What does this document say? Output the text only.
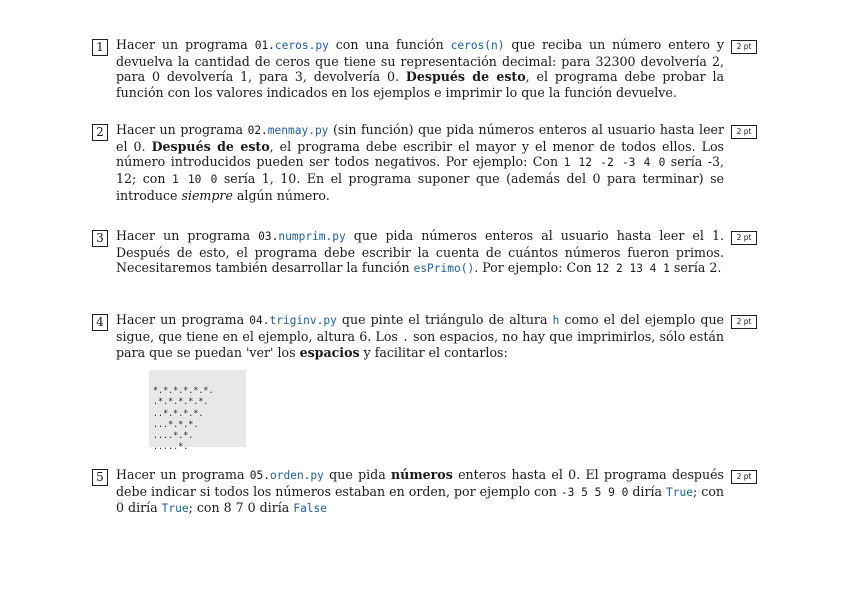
1 Hacer un programa 01.ceros.py con una función ceros(n) que reciba un número entero y devuelva la cantidad de ceros que tiene su representación decimal: para 32300 devolvería 2, para 0 devolvería 1, para 3, devolvería 0. Después de esto, el programa debe probar la función con los valores indicados en los ejemplos e imprimir lo que la función devuelve.
2 pt
2 Hacer un programa 02.menmay.py (sin función) que pida números enteros al usuario hasta leer el 0. Después de esto, el programa debe escribir el mayor y el menor de todos ellos. Los número introducidos pueden ser todos negativos. Por ejemplo: Con 1 12 -2 -3 4 0 sería -3, 12; con 1 10 0 sería 1, 10. En el programa suponer que (además del 0 para terminar) se introduce siempre algún número.
2 pt
3 Hacer un programa 03.numprim.py que pida números enteros al usuario hasta leer el 1. Después de esto, el programa debe escribir la cuenta de cuántos números fueron primos. Necesitaremos también desarrollar la función esPrimo(). Por ejemplo: Con 12 2 13 4 1 sería 2.
2 pt
4 Hacer un programa 04.triginv.py que pinte el triángulo de altura h como el del ejemplo que sigue, que tiene en el ejemplo, altura 6. Los . son espacios, no hay que imprimirlos, sólo están para que se puedan 'ver' los espacios y facilitar el contarlos:
2 pt

*.*.*.*.*.*.
.*.*.*.*.*.
..*.*.*.*.
...*.*.*.
....*.*.
.....*.

5 Hacer un programa 05.orden.py que pida números enteros hasta el 0. El programa después debe indicar si todos los números estaban en orden, por ejemplo con -3 5 5 9 0 diría True; con 0 diría True; con 8 7 0 diría False
2 pt
